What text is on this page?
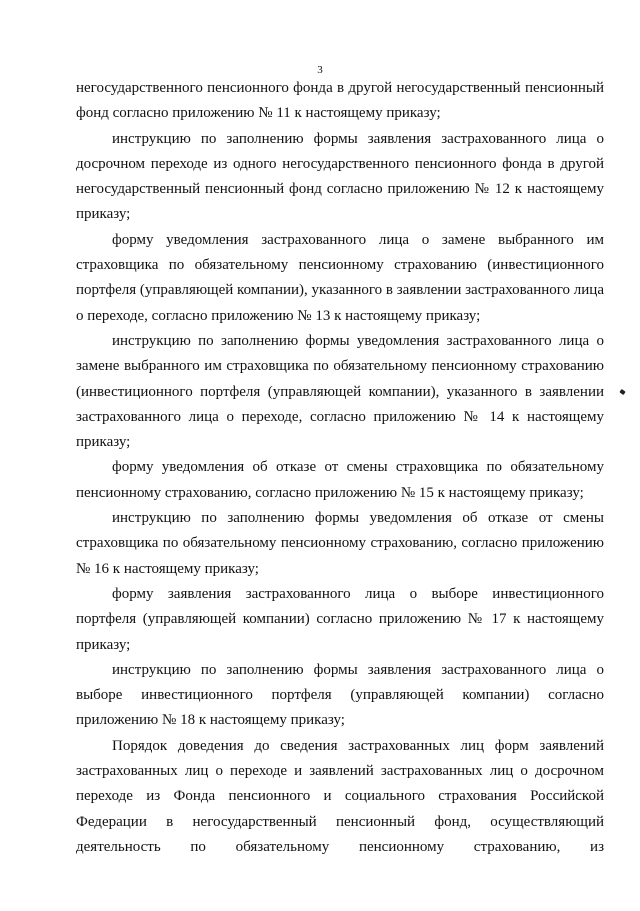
3

негосударственного пенсионного фонда в другой негосударственный пенсионный фонд согласно приложению № 11 к настоящему приказу;

инструкцию по заполнению формы заявления застрахованного лица о досрочном переходе из одного негосударственного пенсионного фонда в другой негосударственный пенсионный фонд согласно приложению № 12 к настоящему приказу;

форму уведомления застрахованного лица о замене выбранного им страховщика по обязательному пенсионному страхованию (инвестиционного портфеля (управляющей компании), указанного в заявлении застрахованного лица о переходе, согласно приложению № 13 к настоящему приказу;

инструкцию по заполнению формы уведомления застрахованного лица о замене выбранного им страховщика по обязательному пенсионному страхованию (инвестиционного портфеля (управляющей компании), указанного в заявлении застрахованного лица о переходе, согласно приложению № 14 к настоящему приказу;

форму уведомления об отказе от смены страховщика по обязательному пенсионному страхованию, согласно приложению № 15 к настоящему приказу;

инструкцию по заполнению формы уведомления об отказе от смены страховщика по обязательному пенсионному страхованию, согласно приложению № 16 к настоящему приказу;

форму заявления застрахованного лица о выборе инвестиционного портфеля (управляющей компании) согласно приложению № 17 к настоящему приказу;

инструкцию по заполнению формы заявления застрахованного лица о выборе инвестиционного портфеля (управляющей компании) согласно приложению № 18 к настоящему приказу;

Порядок доведения до сведения застрахованных лиц форм заявлений застрахованных лиц о переходе и заявлений застрахованных лиц о досрочном переходе из Фонда пенсионного и социального страхования Российской Федерации в негосударственный пенсионный фонд, осуществляющий деятельность по обязательному пенсионному страхованию, из
